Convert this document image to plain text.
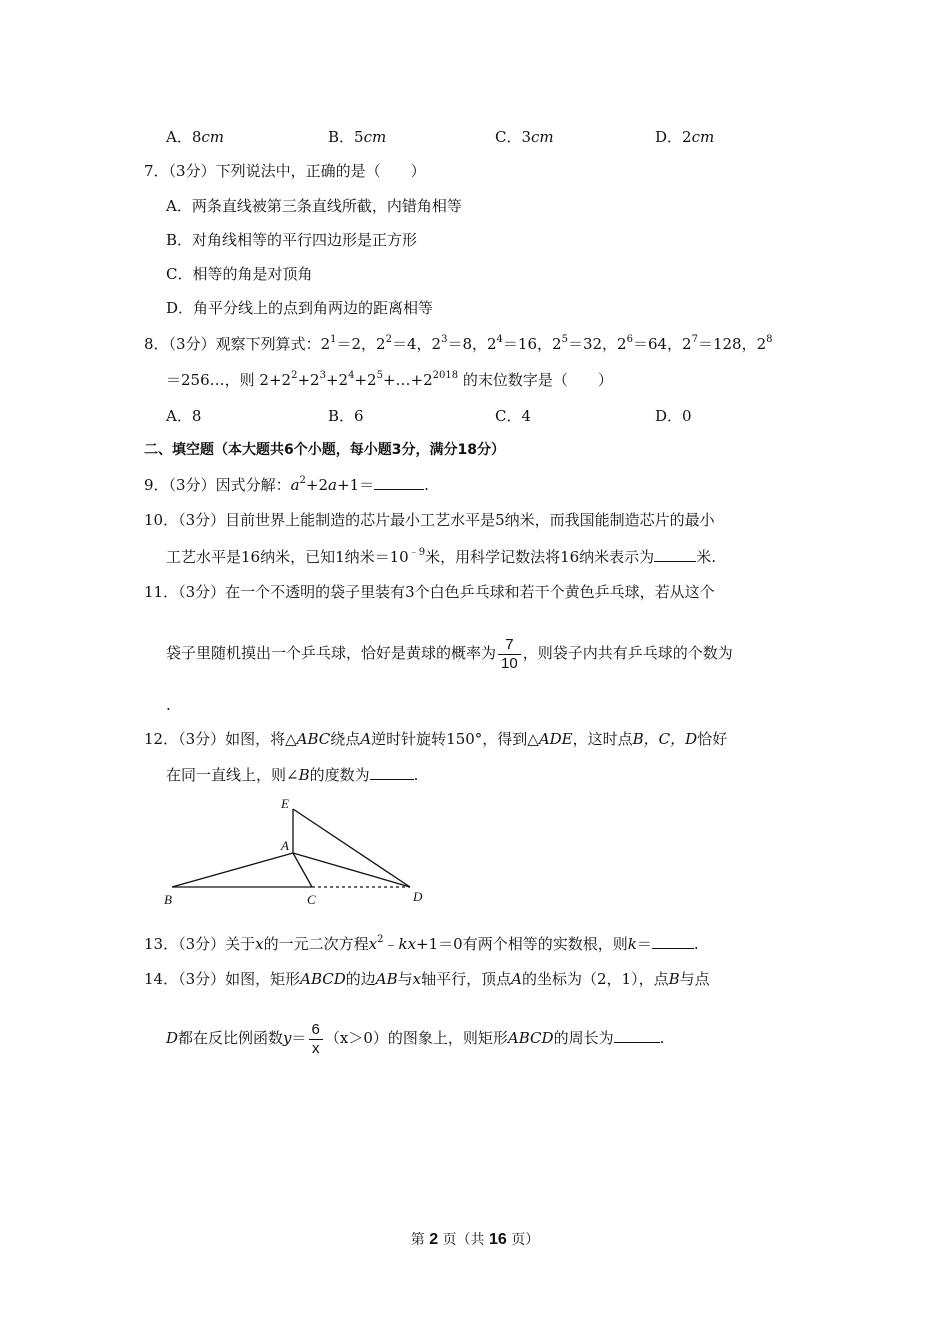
A．8cm	B．5cm	C．3cm	D．2cm
7．（3分）下列说法中，正确的是（　　）
A．两条直线被第三条直线所截，内错角相等
B．对角线相等的平行四边形是正方形
C．相等的角是对顶角
D．角平分线上的点到角两边的距离相等
8．（3分）观察下列算式：$2^1=2$，$2^2=4$，$2^3=8$，$2^4=16$，$2^5=32$，$2^6=64$，$2^7=128$，$2^8$
＝256…，则 $2+2^2+2^3+2^4+2^5+\dots+2^{2018}$ 的末位数字是（　　）
A．8	B．6	C．4	D．0
二、填空题（本大题共6个小题，每小题3分，满分18分）
9．（3分）因式分解：$a^2+2a+1=$	.
10．（3分）目前世界上能制造的芯片最小工艺水平是5纳米，而我国能制造芯片的最小
工艺水平是16纳米，已知1纳米$=10^{﹣9}$米，用科学记数法将16纳米表示为	米.
11．（3分）在一个不透明的袋子里装有3个白色乒乓球和若干个黄色乒乓球，若从这个
袋子里随机摸出一个乒乓球，恰好是黄球的概率为 $\frac{7}{10}$ ，则袋子内共有乒乓球的个数为
.
12．（3分）如图，将△ABC绕点A逆时针旋转150°，得到△ADE，这时点B，C，D恰好
在同一直线上，则∠B的度数为	.
E
A
B	C	D
13．（3分）关于x的一元二次方程$x^2﹣kx+1=0$有两个相等的实数根，则k＝	.
14．（3分）如图，矩形ABCD的边AB与x轴平行，顶点A的坐标为（2，1），点B与点
D都在反比例函数$y= \frac{6}{x} (x>0)$的图象上，则矩形ABCD的周长为	.
第 2 页（共 16 页）
